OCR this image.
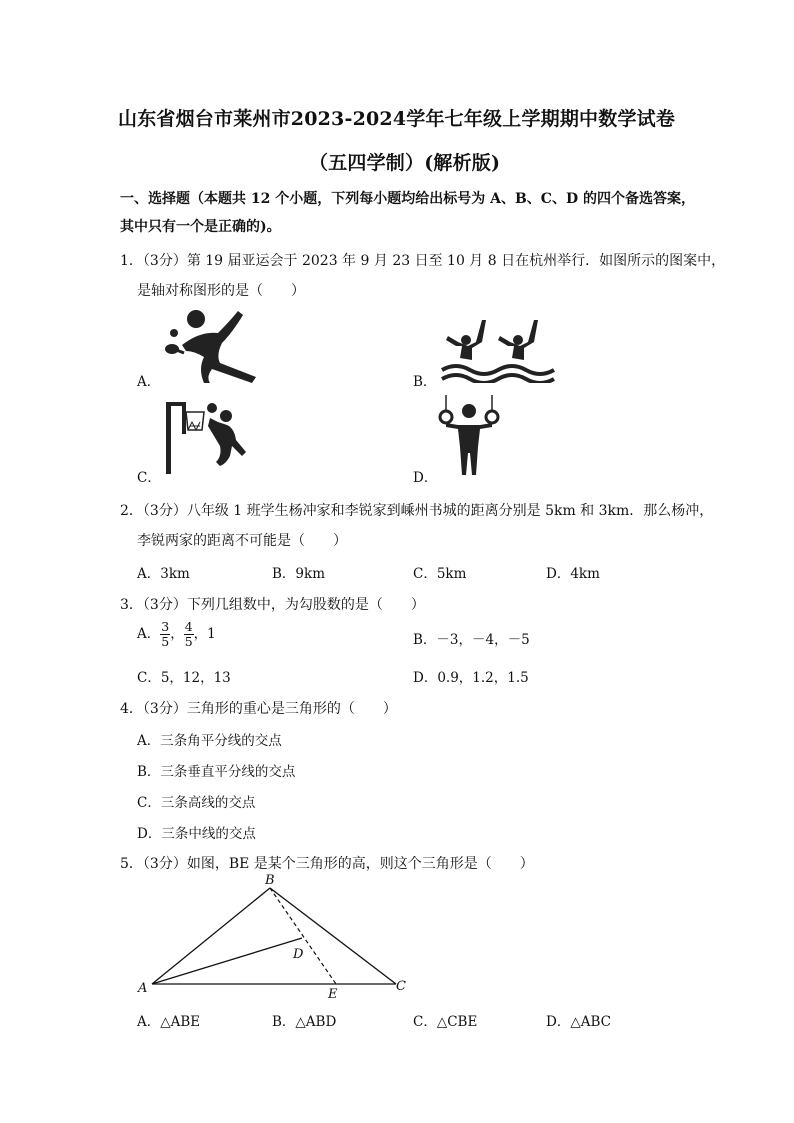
山东省烟台市莱州市2023-2024学年七年级上学期期中数学试卷
（五四学制）(解析版)
一、选择题（本题共 12 个小题，下列每小题均给出标号为 A、B、C、D 的四个备选答案，
其中只有一个是正确的)。
1．（3分）第 19 届亚运会于 2023 年 9 月 23 日至 10 月 8 日在杭州举行．如图所示的图案中，
是轴对称图形的是（　　）
A．	B．
C．	D．
2．（3分）八年级 1 班学生杨冲家和李锐家到嵊州书城的距离分别是 5km 和 3km．那么杨冲，
李锐两家的距离不可能是（　　）
A．3km	B．9km	C．5km	D．4km
3．（3分）下列几组数中，为勾股数的是（　　）
A． $\frac{3}{5}$ ， $\frac{4}{5}$ ，1	B．－3，－4，－5
C．5，12，13	D．0.9，1.2，1.5
4．（3分）三角形的重心是三角形的（　　）
A．三条角平分线的交点
B．三条垂直平分线的交点
C．三条高线的交点
D．三条中线的交点
5．（3分）如图，BE 是某个三角形的高，则这个三角形是（　　）
A
B
C
D
E
A．△ABE	B．△ABD	C．△CBE	D．△ABC
